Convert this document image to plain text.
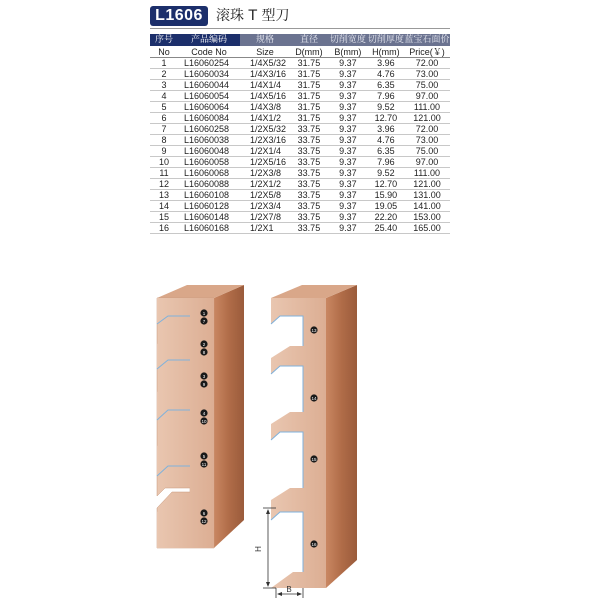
L1606 滚珠 T 型刀
序号	产品编码	规格	直径	切削宽度	切削厚度	蓝宝石面价
No	Code No	Size	D(mm)	B(mm)	H(mm)	Price(￥)
1	L16060254	1/4X5/32	31.75	9.37	3.96	72.00
2	L16060034	1/4X3/16	31.75	9.37	4.76	73.00
3	L16060044	1/4X1/4	31.75	9.37	6.35	75.00
4	L16060054	1/4X5/16	31.75	9.37	7.96	97.00
5	L16060064	1/4X3/8	31.75	9.37	9.52	111.00
6	L16060084	1/4X1/2	31.75	9.37	12.70	121.00
7	L16060258	1/2X5/32	33.75	9.37	3.96	72.00
8	L16060038	1/2X3/16	33.75	9.37	4.76	73.00
9	L16060048	1/2X1/4	33.75	9.37	6.35	75.00
10	L16060058	1/2X5/16	33.75	9.37	7.96	97.00
11	L16060068	1/2X3/8	33.75	9.37	9.52	111.00
12	L16060088	1/2X1/2	33.75	9.37	12.70	121.00
13	L16060108	1/2X5/8	33.75	9.37	15.90	131.00
14	L16060128	1/2X3/4	33.75	9.37	19.05	141.00
15	L16060148	1/2X7/8	33.75	9.37	22.20	153.00
16	L16060168	1/2X1	33.75	9.37	25.40	165.00
1
7
2
8
3
9
4
10
5
11
6
12
13
14
15
16
H
B
